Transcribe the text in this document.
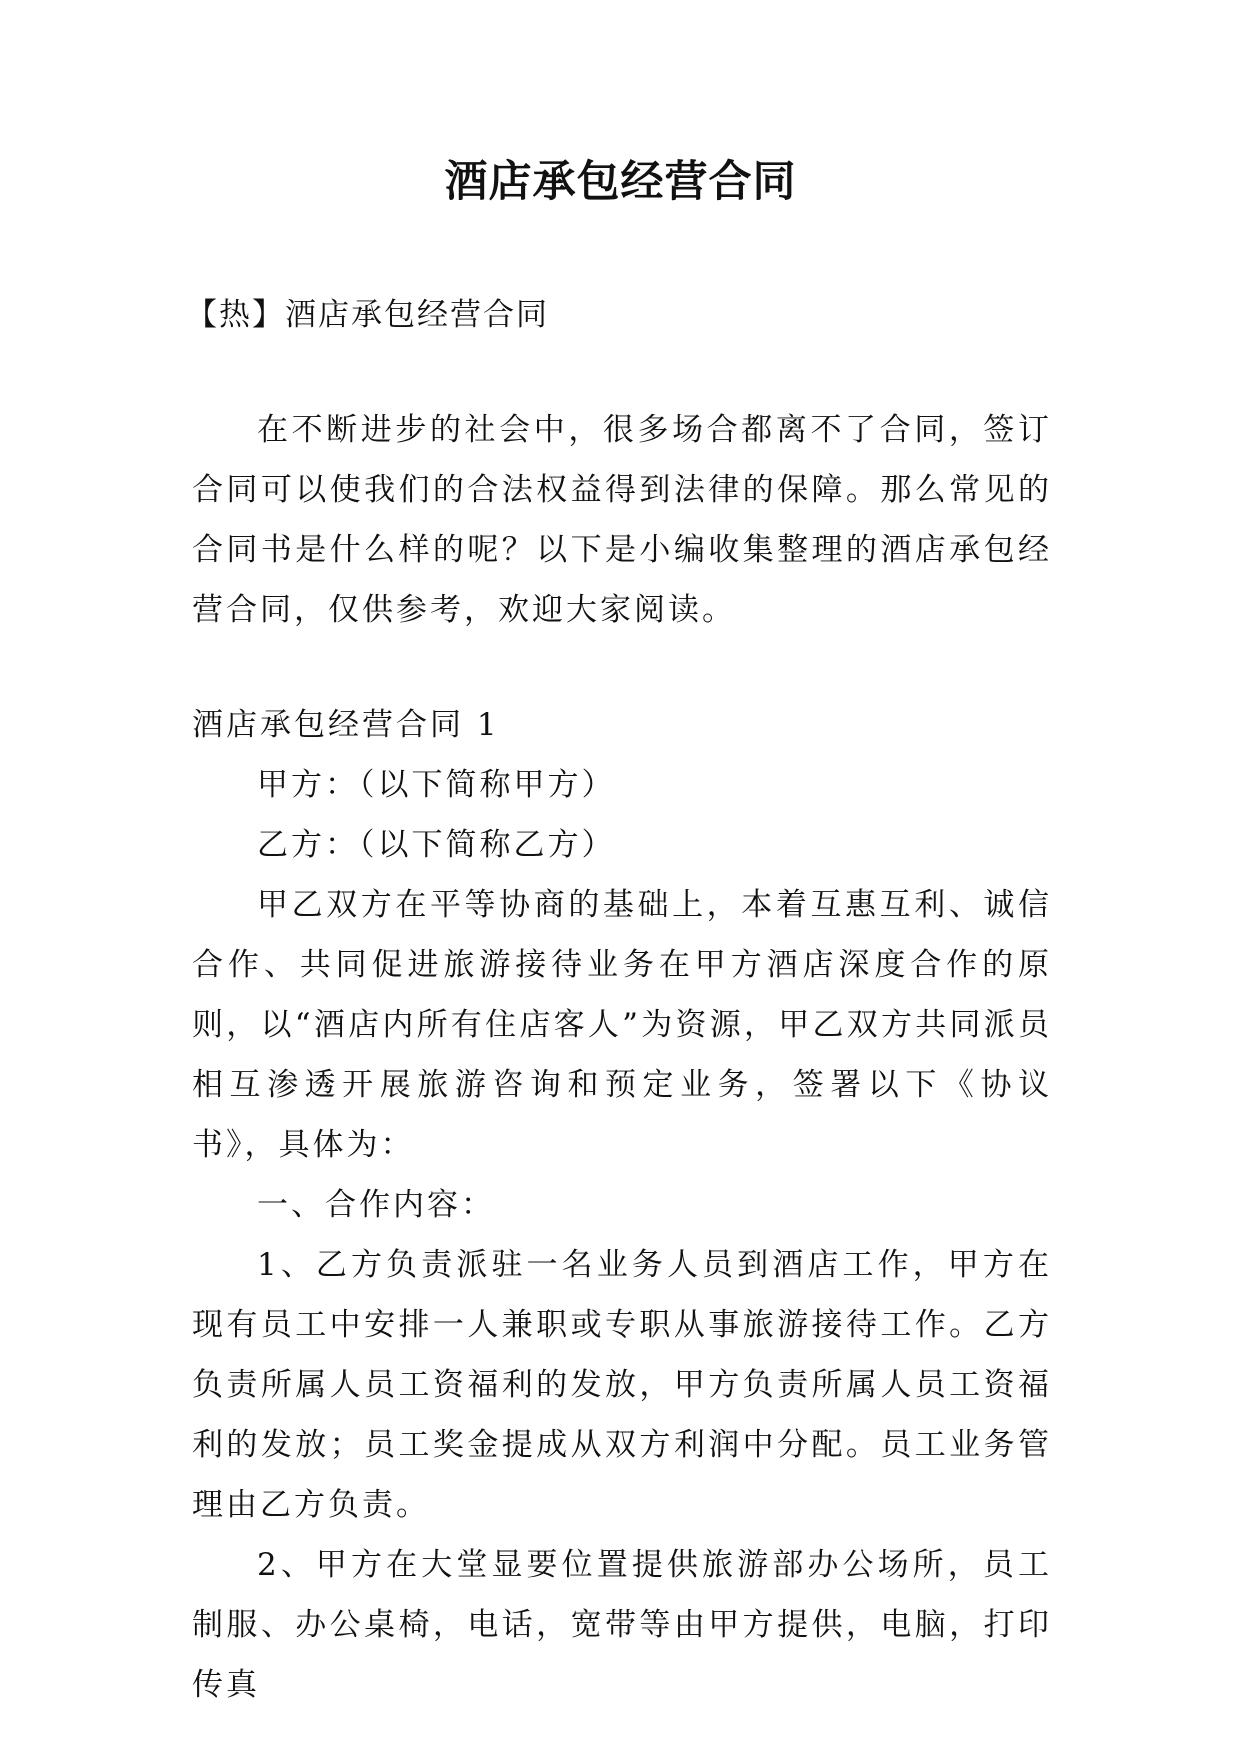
酒店承包经营合同
【热】酒店承包经营合同
在不断进步的社会中，很多场合都离不了合同，签订合同可以使我们的合法权益得到法律的保障。那么常见的合同书是什么样的呢？以下是小编收集整理的酒店承包经营合同，仅供参考，欢迎大家阅读。

酒店承包经营合同 1

甲方：（以下简称甲方）

乙方：（以下简称乙方）

甲乙双方在平等协商的基础上，本着互惠互利、诚信合作、共同促进旅游接待业务在甲方酒店深度合作的原则，以“酒店内所有住店客人”为资源，甲乙双方共同派员相互渗透开展旅游咨询和预定业务，签署以下《协议书》，具体为：

一、合作内容：

1、乙方负责派驻一名业务人员到酒店工作，甲方在现有员工中安排一人兼职或专职从事旅游接待工作。乙方负责所属人员工资福利的发放，甲方负责所属人员工资福利的发放；员工奖金提成从双方利润中分配。员工业务管理由乙方负责。

2、甲方在大堂显要位置提供旅游部办公场所，员工制服、办公桌椅，电话，宽带等由甲方提供，电脑，打印传真
